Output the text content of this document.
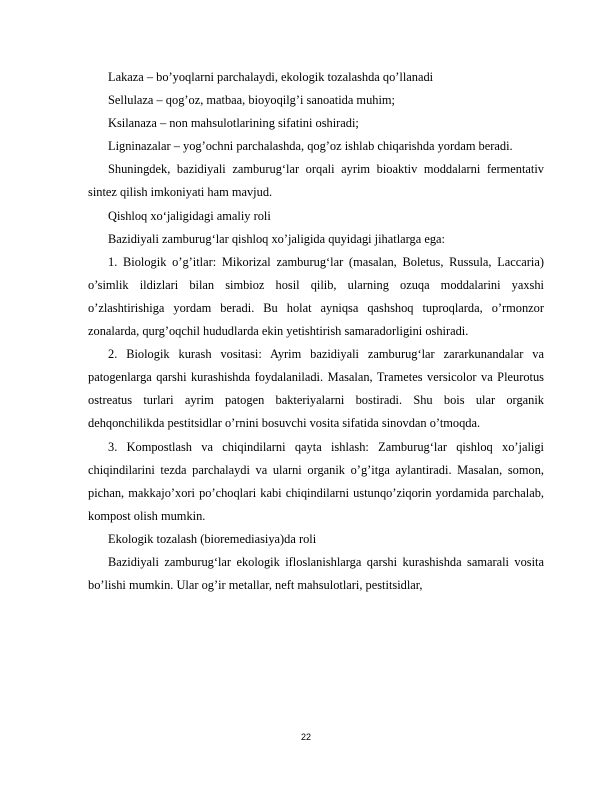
Lakaza – bo’yoqlarni parchalaydi, ekologik tozalashda qo’llanadi

Sellulaza – qog’oz, matbaa, bioyoqilg’i sanoatida muhim;

Ksilanaza – non mahsulotlarining sifatini oshiradi;

Ligninazalar – yog’ochni parchalashda, qog’oz ishlab chiqarishda yordam beradi.

Shuningdek, bazidiyali zamburug‘lar orqali ayrim bioaktiv moddalarni fermentativ sintez qilish imkoniyati ham mavjud.

Qishloq xo‘jaligidagi amaliy roli

Bazidiyali zamburug‘lar qishloq xo’jaligida quyidagi jihatlarga ega:

1. Biologik o’g’itlar: Mikorizal zamburug‘lar (masalan, Boletus, Russula, Laccaria) o’simlik ildizlari bilan simbioz hosil qilib, ularning ozuqa moddalarini yaxshi o’zlashtirishiga yordam beradi. Bu holat ayniqsa qashshoq tuproqlarda, o’rmonzor zonalarda, qurg’oqchil hududlarda ekin yetishtirish samaradorligini oshiradi.

2. Biologik kurash vositasi: Ayrim bazidiyali zamburug‘lar zararkunandalar va patogenlarga qarshi kurashishda foydalaniladi. Masalan, Trametes versicolor va Pleurotus ostreatus turlari ayrim patogen bakteriyalarni bostiradi. Shu bois ular organik dehqonchilikda pestitsidlar o’rnini bosuvchi vosita sifatida sinovdan o’tmoqda.

3. Kompostlash va chiqindilarni qayta ishlash: Zamburug‘lar qishloq xo’jaligi chiqindilarini tezda parchalaydi va ularni organik o’g’itga aylantiradi. Masalan, somon, pichan, makkajo’xori po’choqlari kabi chiqindilarni ustunqo’ziqorin yordamida parchalab, kompost olish mumkin.

Ekologik tozalash (bioremediasiya)da roli

Bazidiyali zamburug‘lar ekologik ifloslanishlarga qarshi kurashishda samarali vosita bo’lishi mumkin. Ular og’ir metallar, neft mahsulotlari, pestitsidlar,

22
